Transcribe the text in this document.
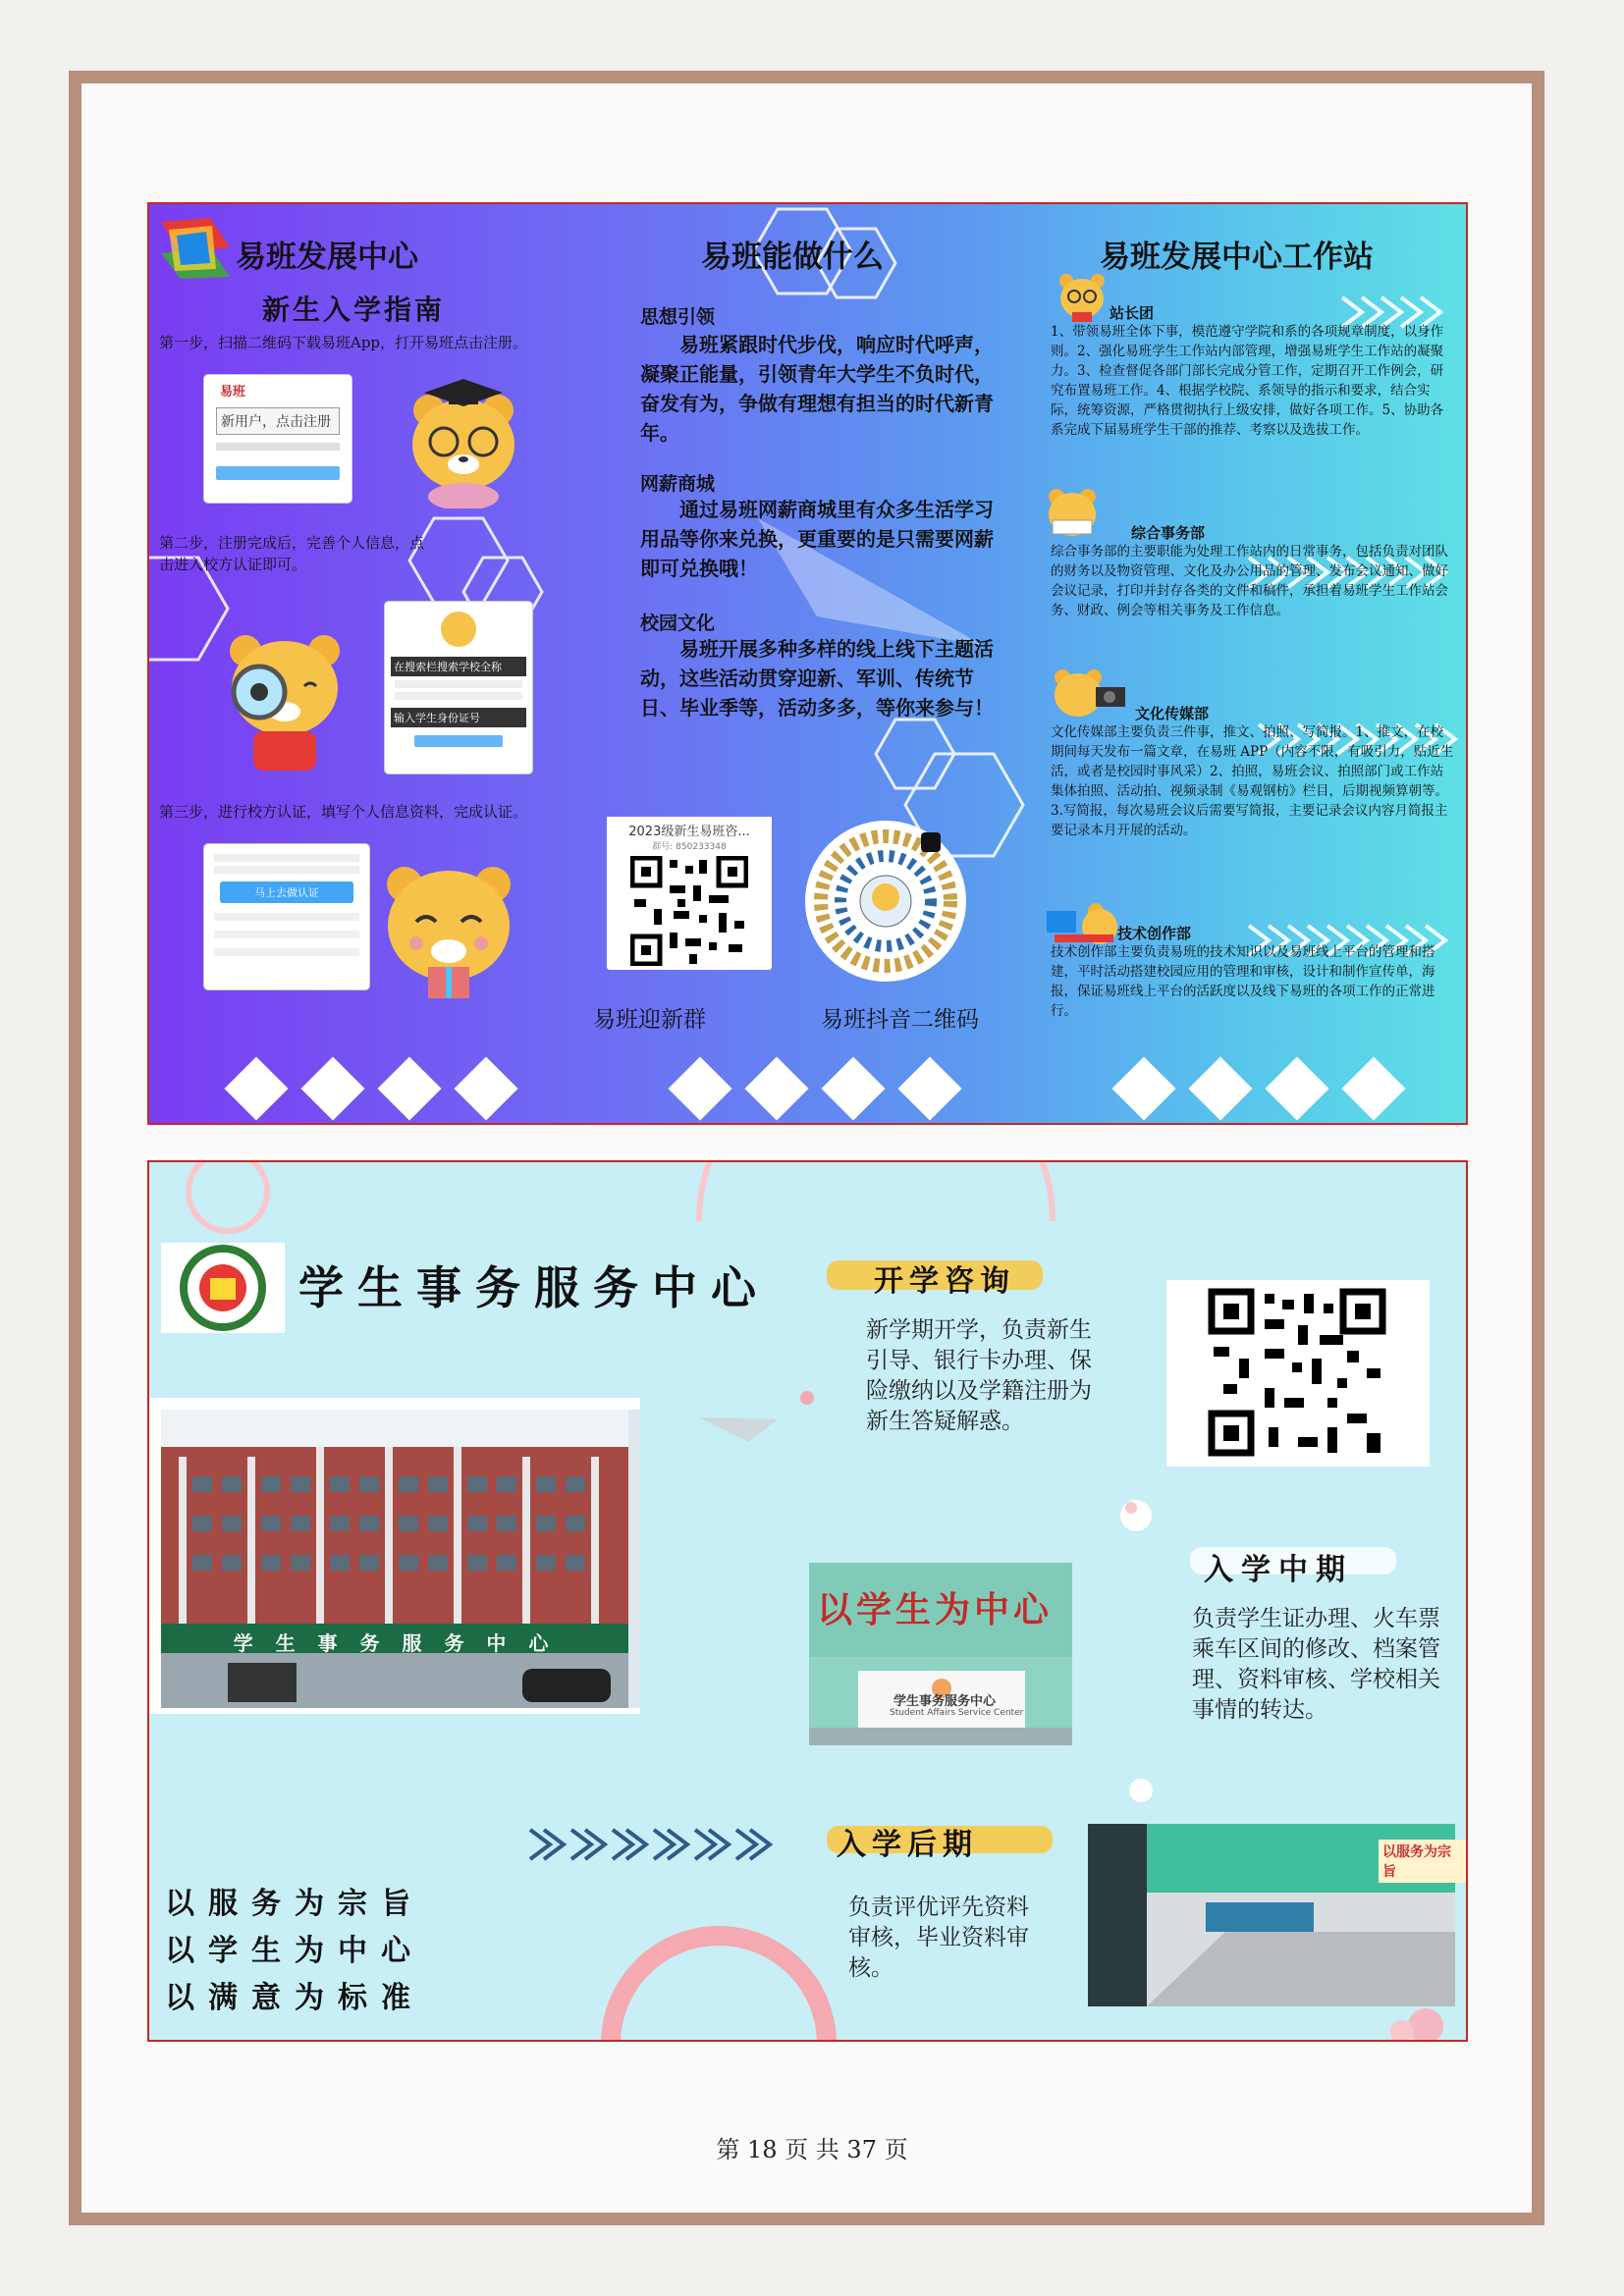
易班发展中心
新生入学指南
第一步，扫描二维码下载易班App，打开易班点击注册。
易班
新用户，点击注册
第二步，注册完成后，完善个人信息，点击进入校方认证即可。
在搜索栏搜索学校全称
输入学生身份证号
第三步，进行校方认证，填写个人信息资料，完成认证。
马上去做认证
易班能做什么
思想引领
易班紧跟时代步伐，响应时代呼声，凝聚正能量，引领青年大学生不负时代，奋发有为，争做有理想有担当的时代新青年。
网薪商城
通过易班网薪商城里有众多生活学习用品等你来兑换，更重要的是只需要网薪即可兑换哦！
校园文化
易班开展多种多样的线上线下主题活动，这些活动贯穿迎新、军训、传统节日、毕业季等，活动多多，等你来参与！
2023级新生易班咨...
群号: 850233348
易班迎新群	易班抖音二维码
易班发展中心工作站
站长团
1、带领易班全体下事，模范遵守学院和系的各项规章制度，以身作则。2、强化易班学生工作站内部管理，增强易班学生工作站的凝聚力。3、检查督促各部门部长完成分管工作，定期召开工作例会，研究布置易班工作。4、根据学校院、系领导的指示和要求，结合实际，统筹资源，严格贯彻执行上级安排，做好各项工作。5、协助各系完成下届易班学生干部的推荐、考察以及选拔工作。
综合事务部
综合事务部的主要职能为处理工作站内的日常事务，包括负责对团队的财务以及物资管理、文化及办公用品的管理、发布会议通知、做好会议记录，打印并封存各类的文件和稿件，承担着易班学生工作站会务、财政、例会等相关事务及工作信息。
文化传媒部
文化传媒部主要负责三件事，推文、拍照、写简报。1、推文，在校期间每天发布一篇文章，在易班 APP（内容不限，有吸引力，贴近生活，或者是校园时事风采）2、拍照，易班会议、拍照部门或工作站集体拍照、活动拍、视频录制《易观钢枋》栏目，后期视频算朝等。3.写简报，每次易班会议后需要写简报，主要记录会议内容月简报主要记录本月开展的活动。
技术创作部
技术创作部主要负责易班的技术知识以及易班线上平台的管理和搭建，平时活动搭建校园应用的管理和审核，设计和制作宣传单，海报，保证易班线上平台的活跃度以及线下易班的各项工作的正常进行。
学生事务服务中心	开学咨询
新学期开学，负责新生引导、银行卡办理、保险缴纳以及学籍注册为新生答疑解惑。
学 生 事 务 服 务 中 心
以学生为中心
学生事务服务中心
Student Affairs Service Center
入学中期
负责学生证办理、火车票乘车区间的修改、档案管理、资料审核、学校相关事情的转达。
入学后期
负责评优评先资料审核，毕业资料审核。
以服务为宗旨
以服务为宗旨
以学生为中心
以满意为标准
第 18 页 共 37 页
